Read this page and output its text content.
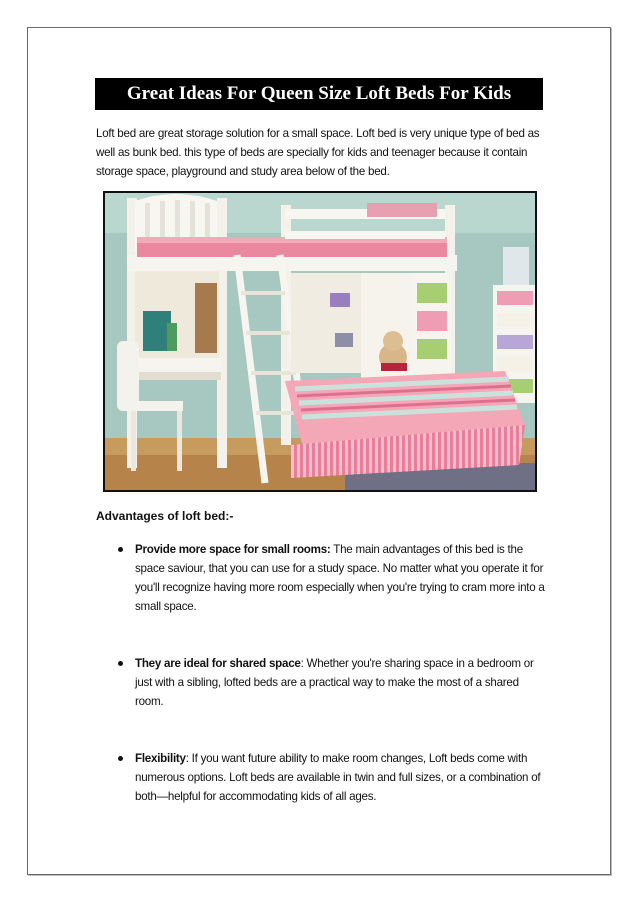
Great Ideas For Queen Size Loft Beds For Kids

Loft bed are great storage solution for a small space. Loft bed is very unique type of bed as well as bunk bed. this type of beds are specially for kids and teenager because it contain storage space, playground and study area below of the bed.

Advantages of loft bed:-
Provide more space for small rooms: The main advantages of this bed is the space saviour, that you can use for a study space. No matter what you operate it for you'll recognize having more room especially when you're trying to cram more into a small space.
They are ideal for shared space: Whether you're sharing space in a bedroom or just with a sibling, lofted beds are a practical way to make the most of a shared room.
Flexibility: If you want future ability to make room changes, Loft beds come with numerous options. Loft beds are available in twin and full sizes, or a combination of both—helpful for accommodating kids of all ages.
